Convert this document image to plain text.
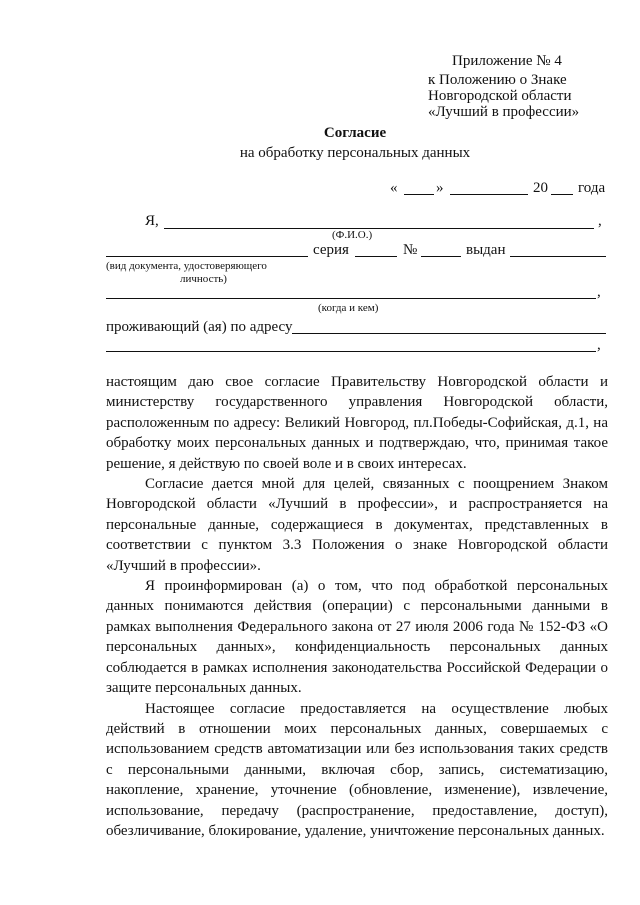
Приложение № 4
к Положению о Знаке
Новгородской области
«Лучший в профессии»
Согласие
на обработку персональных данных
«	»	20 года
Я,	,
(Ф.И.О.)
серия	№	выдан
(вид документа, удостоверяющего
личность)
,
(когда и кем)
проживающий (ая) по адресу
,

настоящим даю свое согласие Правительству Новгородской области и министерству государственного управления Новгородской области, расположенным по адресу: Великий Новгород, пл.Победы-Софийская, д.1, на обработку моих персональных данных и подтверждаю, что, принимая такое решение, я действую по своей воле и в своих интересах.

Согласие дается мной для целей, связанных с поощрением Знаком Новгородской области «Лучший в профессии», и распространяется на персональные данные, содержащиеся в документах, представленных в соответствии с пунктом 3.3 Положения о знаке Новгородской области «Лучший в профессии».

Я проинформирован (а) о том, что под обработкой персональных данных понимаются действия (операции) с персональными данными в рамках выполнения Федерального закона от 27 июля 2006 года № 152-ФЗ «О персональных данных», конфиденциальность персональных данных соблюдается в рамках исполнения законодательства Российской Федерации о защите персональных данных.

Настоящее согласие предоставляется на осуществление любых действий в отношении моих персональных данных, совершаемых с использованием средств автоматизации или без использования таких средств с персональными данными, включая сбор, запись, систематизацию, накопление, хранение, уточнение (обновление, изменение), извлечение, использование, передачу (распространение, предоставление, доступ), обезличивание, блокирование, удаление, уничтожение персональных данных.
